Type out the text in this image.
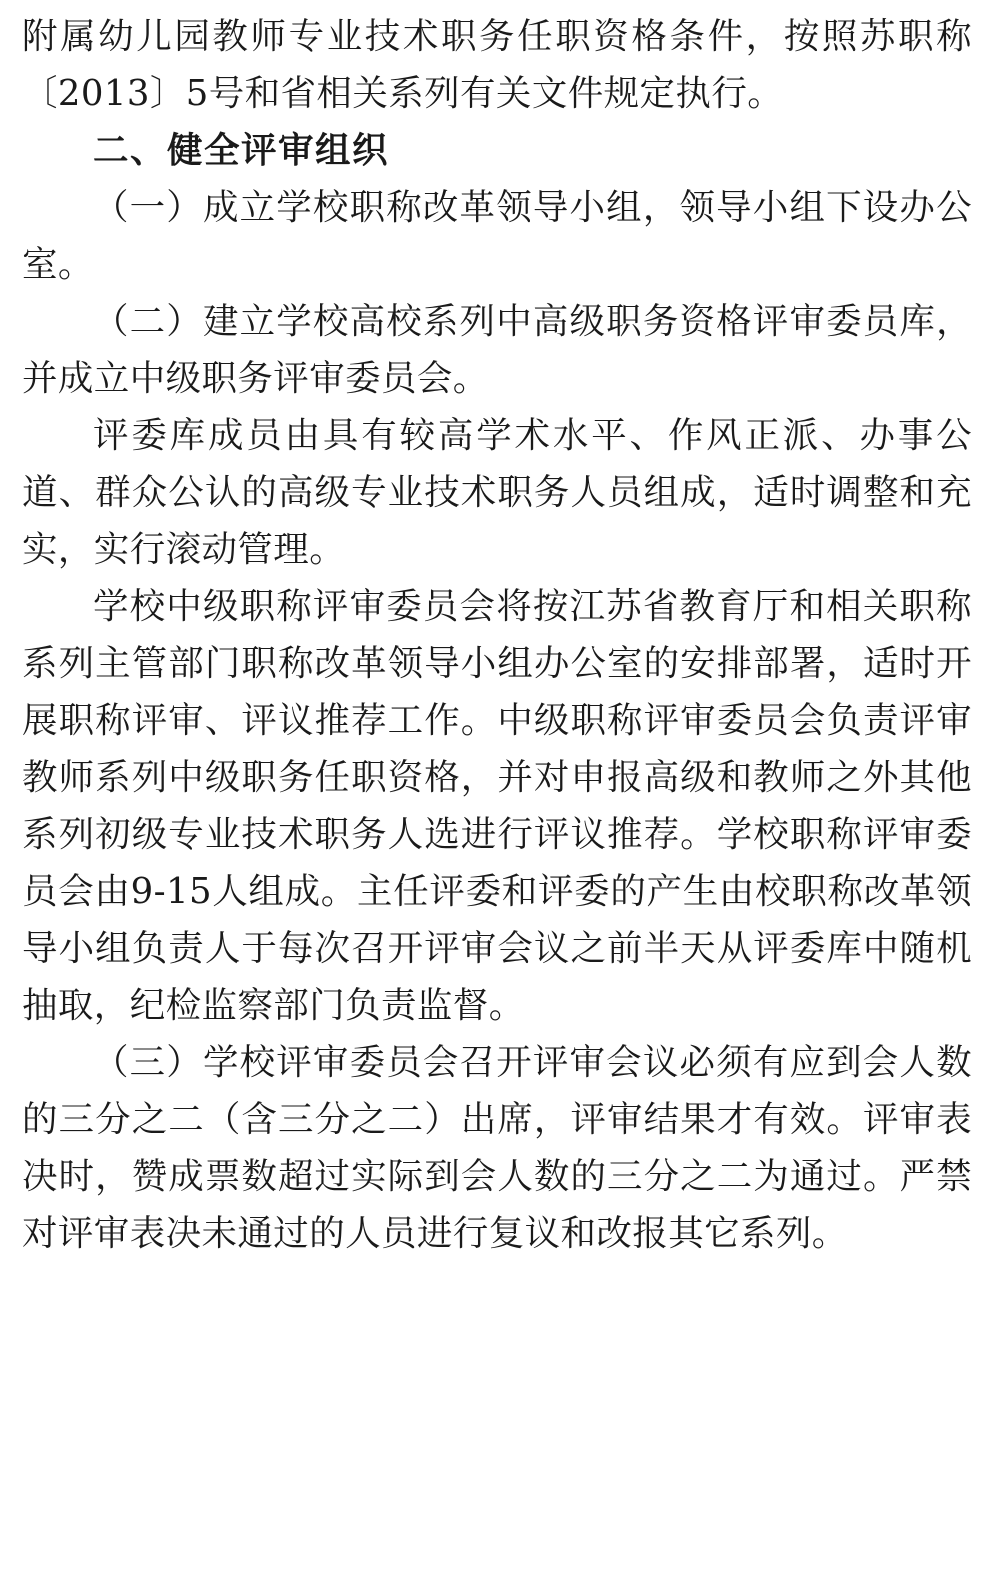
附属幼儿园教师专业技术职务任职资格条件，按照苏职称〔2013〕5号和省相关系列有关文件规定执行。

二、健全评审组织

（一）成立学校职称改革领导小组，领导小组下设办公室。

（二）建立学校高校系列中高级职务资格评审委员库，并成立中级职务评审委员会。

评委库成员由具有较高学术水平、作风正派、办事公道、群众公认的高级专业技术职务人员组成，适时调整和充实，实行滚动管理。

学校中级职称评审委员会将按江苏省教育厅和相关职称系列主管部门职称改革领导小组办公室的安排部署，适时开展职称评审、评议推荐工作。中级职称评审委员会负责评审教师系列中级职务任职资格，并对申报高级和教师之外其他系列初级专业技术职务人选进行评议推荐。学校职称评审委员会由9-15人组成。主任评委和评委的产生由校职称改革领导小组负责人于每次召开评审会议之前半天从评委库中随机抽取，纪检监察部门负责监督。

（三）学校评审委员会召开评审会议必须有应到会人数的三分之二（含三分之二）出席，评审结果才有效。评审表决时，赞成票数超过实际到会人数的三分之二为通过。严禁对评审表决未通过的人员进行复议和改报其它系列。
